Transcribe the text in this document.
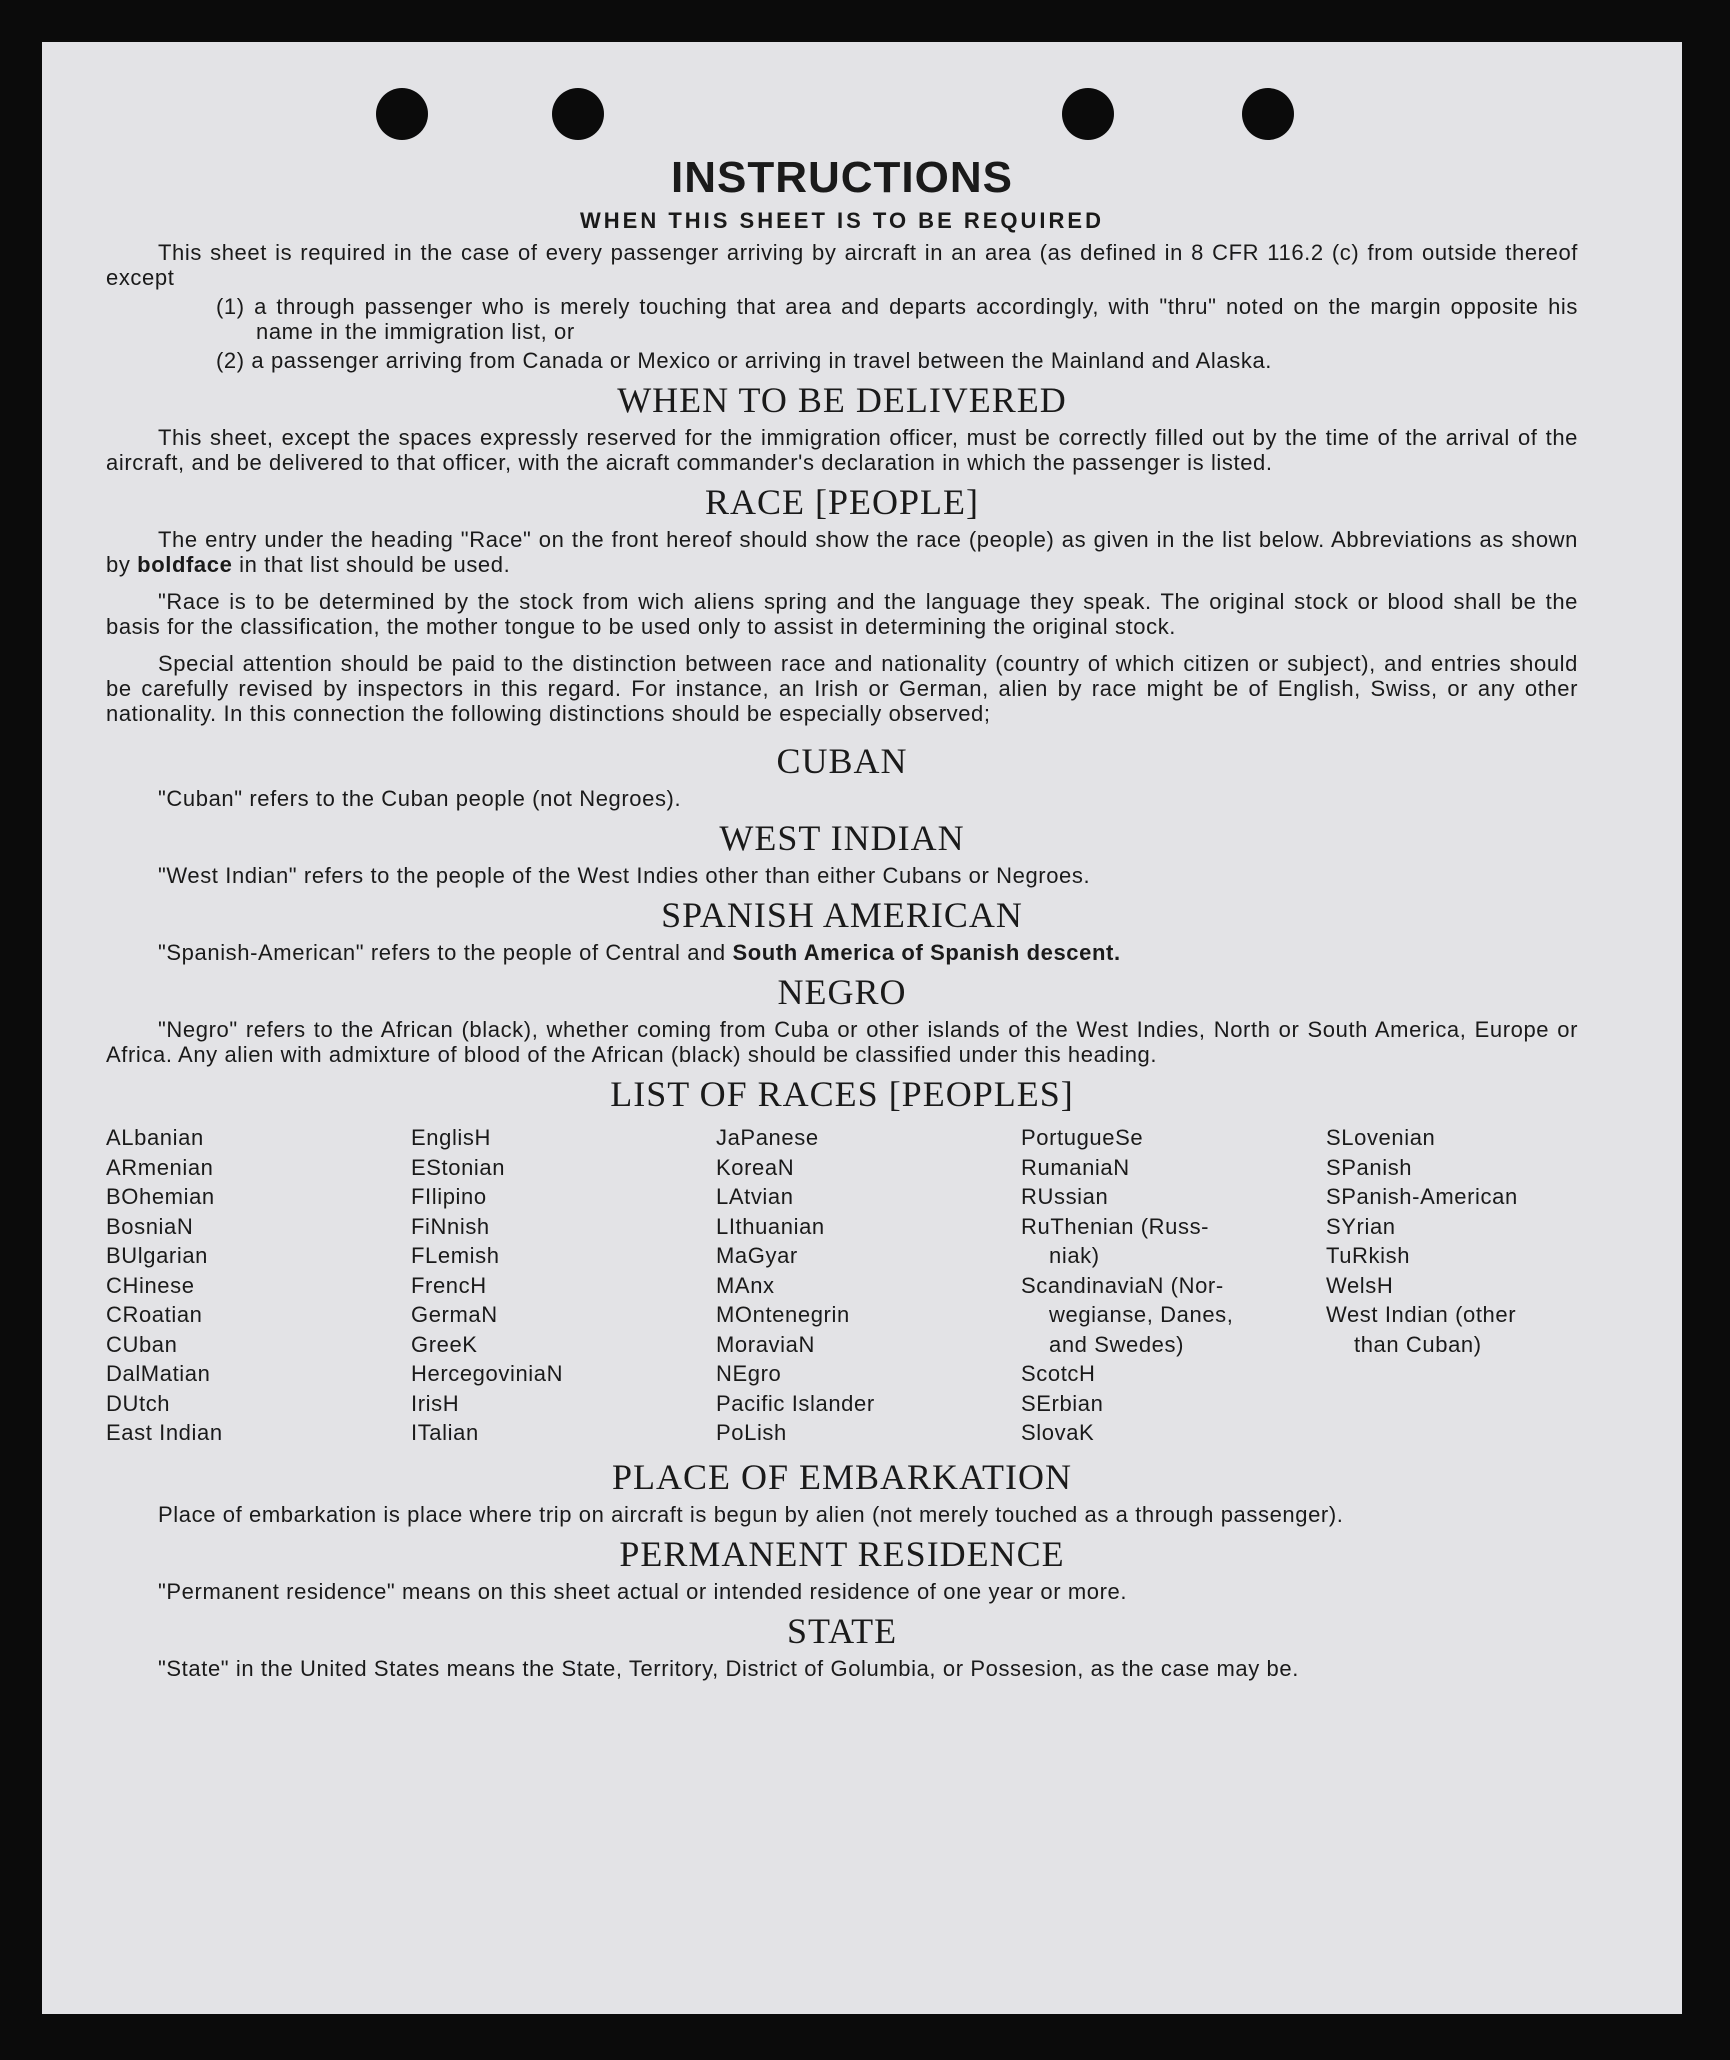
INSTRUCTIONS
WHEN THIS SHEET IS TO BE REQUIRED

This sheet is required in the case of every passenger arriving by aircraft in an area (as defined in 8 CFR 116.2 (c) from outside thereof except

(1) a through passenger who is merely touching that area and departs accordingly, with "thru" noted on the margin opposite his name in the immigration list, or

(2) a passenger arriving from Canada or Mexico or arriving in travel between the Mainland and Alaska.

WHEN TO BE DELIVERED

This sheet, except the spaces expressly reserved for the immigration officer, must be correctly filled out by the time of the arrival of the aircraft, and be delivered to that officer, with the aicraft commander's declaration in which the passenger is listed.

RACE [PEOPLE]

The entry under the heading "Race" on the front hereof should show the race (people) as given in the list below. Abbreviations as shown by boldface in that list should be used.

"Race is to be determined by the stock from wich aliens spring and the language they speak. The original stock or blood shall be the basis for the classification, the mother tongue to be used only to assist in determining the original stock.

Special attention should be paid to the distinction between race and nationality (country of which citizen or subject), and entries should be carefully revised by inspectors in this regard. For instance, an Irish or German, alien by race might be of English, Swiss, or any other nationality. In this connection the following distinctions should be especially observed;

CUBAN

"Cuban" refers to the Cuban people (not Negroes).

WEST INDIAN

"West Indian" refers to the people of the West Indies other than either Cubans or Negroes.

SPANISH AMERICAN

"Spanish-American" refers to the people of Central and South America of Spanish descent.

NEGRO

"Negro" refers to the African (black), whether coming from Cuba or other islands of the West Indies, North or South America, Europe or Africa. Any alien with admixture of blood of the African (black) should be classified under this heading.

LIST OF RACES [PEOPLES]
ALbanian
ARmenian
BOhemian
BosniaN
BUlgarian
CHinese
CRoatian
CUban
DalMatian
DUtch
East Indian
EnglisH
EStonian
FIlipino
FiNnish
FLemish
FrencH
GermaN
GreeK
HercegoviniaN
IrisH
ITalian
JaPanese
KoreaN
LAtvian
LIthuanian
MaGyar
MAnx
MOntenegrin
MoraviaN
NEgro
Pacific Islander
PoLish
PortugueSe
RumaniaN
RUssian
RuThenian (Russ-
niak)
ScandinaviaN (Nor-
wegianse, Danes,
and Swedes)
ScotcH
SErbian
SlovaK
SLovenian
SPanish
SPanish-American
SYrian
TuRkish
WelsH
West Indian (other
than Cuban)
PLACE OF EMBARKATION

Place of embarkation is place where trip on aircraft is begun by alien (not merely touched as a through passenger).

PERMANENT RESIDENCE

"Permanent residence" means on this sheet actual or intended residence of one year or more.

STATE

"State" in the United States means the State, Territory, District of Golumbia, or Possesion, as the case may be.
